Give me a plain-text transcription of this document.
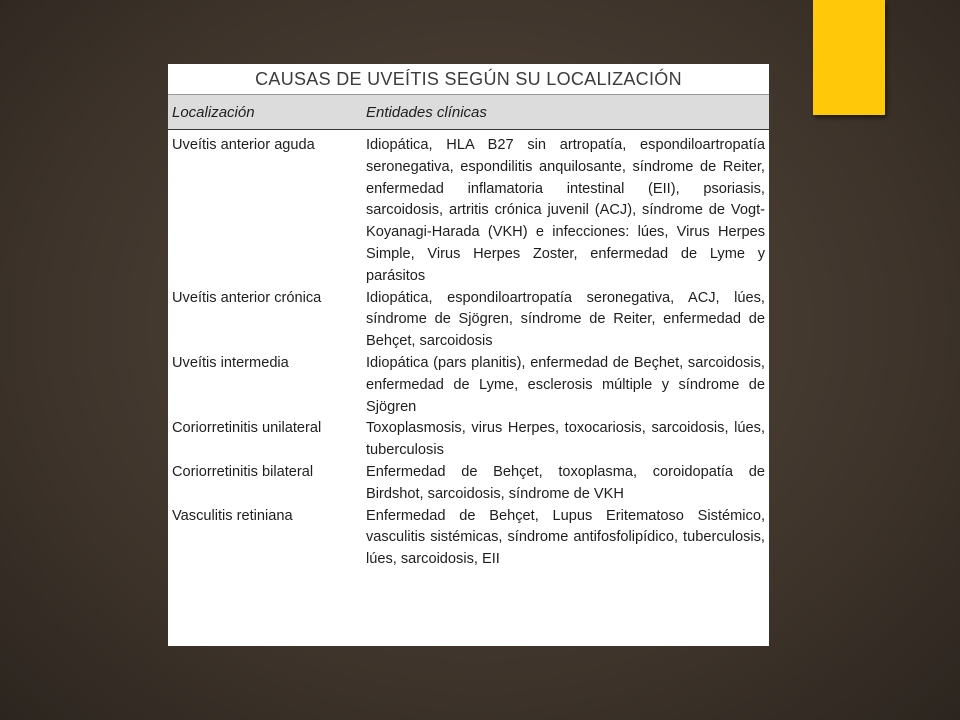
CAUSAS DE UVEÍTIS SEGÚN SU LOCALIZACIÓN
Localización	Entidades clínicas
Uveítis anterior aguda	Idiopática, HLA B27 sin artropatía, espondiloartropatía seronegativa, espondilitis anquilosante, síndrome de Reiter, enfermedad inflamatoria intestinal (EII), psoriasis, sarcoidosis, artritis crónica juvenil (ACJ), síndrome de Vogt-Koyanagi-Harada (VKH) e infecciones: lúes, Virus Herpes Simple, Virus Herpes Zoster, enfermedad de Lyme y parásitos
Uveítis anterior crónica	Idiopática, espondiloartropatía seronegativa, ACJ, lúes, síndrome de Sjögren, síndrome de Reiter, enfermedad de Behçet, sarcoidosis
Uveítis intermedia	Idiopática (pars planitis), enfermedad de Beçhet, sarcoidosis, enfermedad de Lyme, esclerosis múltiple y síndrome de Sjögren
Coriorretinitis unilateral	Toxoplasmosis, virus Herpes, toxocariosis, sarcoidosis, lúes, tuberculosis
Coriorretinitis bilateral	Enfermedad de Behçet, toxoplasma, coroidopatía de Birdshot, sarcoidosis, síndrome de VKH
Vasculitis retiniana	Enfermedad de Behçet, Lupus Eritematoso Sistémico, vasculitis sistémicas, síndrome antifosfolipídico, tuberculosis, lúes, sarcoidosis, EII
